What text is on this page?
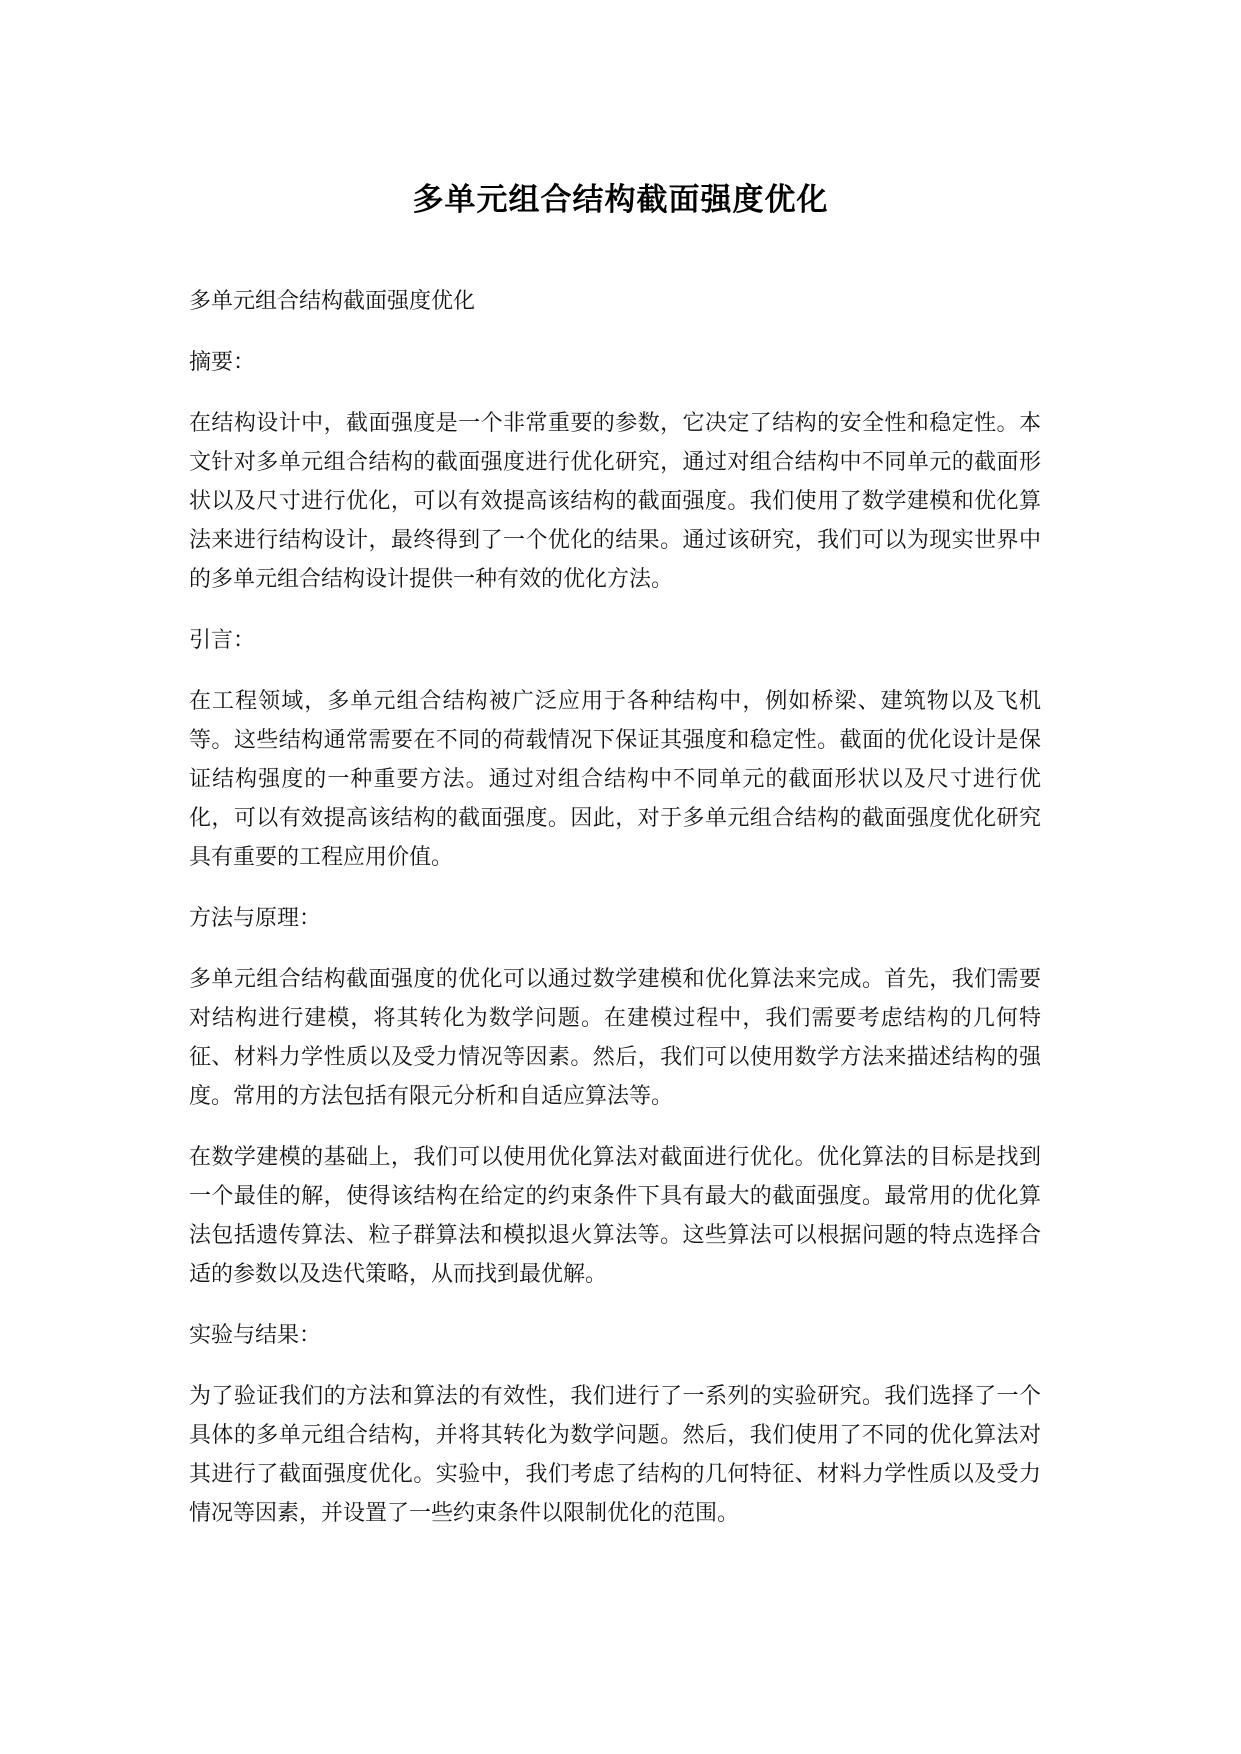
多单元组合结构截面强度优化
多单元组合结构截面强度优化
摘要：
在结构设计中，截面强度是一个非常重要的参数，它决定了结构的安全性和稳定性。本文针对多单元组合结构的截面强度进行优化研究，通过对组合结构中不同单元的截面形状以及尺寸进行优化，可以有效提高该结构的截面强度。我们使用了数学建模和优化算法来进行结构设计，最终得到了一个优化的结果。通过该研究，我们可以为现实世界中的多单元组合结构设计提供一种有效的优化方法。
引言：
在工程领域，多单元组合结构被广泛应用于各种结构中，例如桥梁、建筑物以及飞机等。这些结构通常需要在不同的荷载情况下保证其强度和稳定性。截面的优化设计是保证结构强度的一种重要方法。通过对组合结构中不同单元的截面形状以及尺寸进行优化，可以有效提高该结构的截面强度。因此，对于多单元组合结构的截面强度优化研究具有重要的工程应用价值。
方法与原理：
多单元组合结构截面强度的优化可以通过数学建模和优化算法来完成。首先，我们需要对结构进行建模，将其转化为数学问题。在建模过程中，我们需要考虑结构的几何特征、材料力学性质以及受力情况等因素。然后，我们可以使用数学方法来描述结构的强度。常用的方法包括有限元分析和自适应算法等。
在数学建模的基础上，我们可以使用优化算法对截面进行优化。优化算法的目标是找到一个最佳的解，使得该结构在给定的约束条件下具有最大的截面强度。最常用的优化算法包括遗传算法、粒子群算法和模拟退火算法等。这些算法可以根据问题的特点选择合适的参数以及迭代策略，从而找到最优解。
实验与结果：
为了验证我们的方法和算法的有效性，我们进行了一系列的实验研究。我们选择了一个具体的多单元组合结构，并将其转化为数学问题。然后，我们使用了不同的优化算法对其进行了截面强度优化。实验中，我们考虑了结构的几何特征、材料力学性质以及受力情况等因素，并设置了一些约束条件以限制优化的范围。
